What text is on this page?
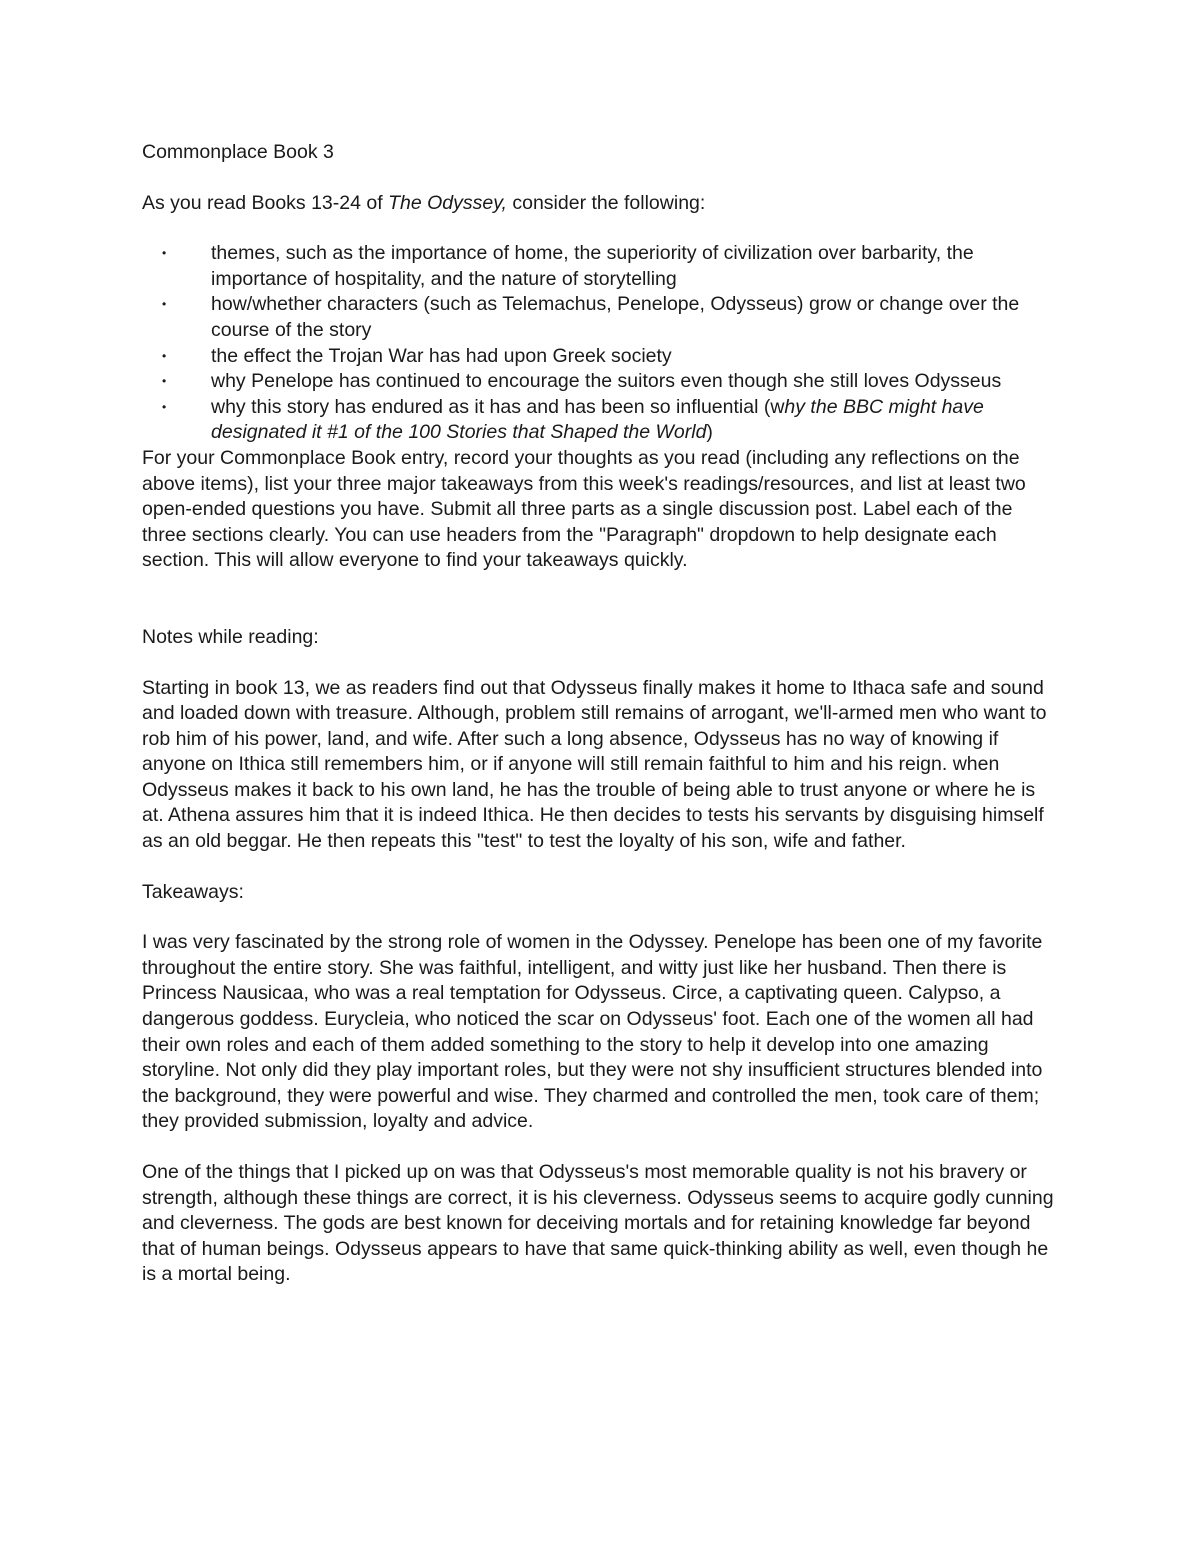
Commonplace Book 3

As you read Books 13-24 of The Odyssey, consider the following:

• themes, such as the importance of home, the superiority of civilization over barbarity, the importance of hospitality, and the nature of storytelling
• how/whether characters (such as Telemachus, Penelope, Odysseus) grow or change over the course of the story
• the effect the Trojan War has had upon Greek society
• why Penelope has continued to encourage the suitors even though she still loves Odysseus
• why this story has endured as it has and has been so influential (why the BBC might have designated it #1 of the 100 Stories that Shaped the World)

For your Commonplace Book entry, record your thoughts as you read (including any reflections on the above items), list your three major takeaways from this week's readings/resources, and list at least two open-ended questions you have. Submit all three parts as a single discussion post. Label each of the three sections clearly. You can use headers from the "Paragraph" dropdown to help designate each section. This will allow everyone to find your takeaways quickly.

Notes while reading:

Starting in book 13, we as readers find out that Odysseus finally makes it home to Ithaca safe and sound and loaded down with treasure. Although, problem still remains of arrogant, we'll-armed men who want to rob him of his power, land, and wife. After such a long absence, Odysseus has no way of knowing if anyone on Ithica still remembers him, or if anyone will still remain faithful to him and his reign. when Odysseus makes it back to his own land, he has the trouble of being able to trust anyone or where he is at. Athena assures him that it is indeed Ithica. He then decides to tests his servants by disguising himself as an old beggar. He then repeats this "test" to test the loyalty of his son, wife and father.

Takeaways:

I was very fascinated by the strong role of women in the Odyssey. Penelope has been one of my favorite throughout the entire story. She was faithful, intelligent, and witty just like her husband. Then there is Princess Nausicaa, who was a real temptation for Odysseus. Circe, a captivating queen. Calypso, a dangerous goddess. Eurycleia, who noticed the scar on Odysseus' foot. Each one of the women all had their own roles and each of them added something to the story to help it develop into one amazing storyline. Not only did they play important roles, but they were not shy insufficient structures blended into the background, they were powerful and wise. They charmed and controlled the men, took care of them; they provided submission, loyalty and advice.

One of the things that I picked up on was that Odysseus's most memorable quality is not his bravery or strength, although these things are correct, it is his cleverness. Odysseus seems to acquire godly cunning and cleverness. The gods are best known for deceiving mortals and for retaining knowledge far beyond that of human beings. Odysseus appears to have that same quick-thinking ability as well, even though he is a mortal being.
